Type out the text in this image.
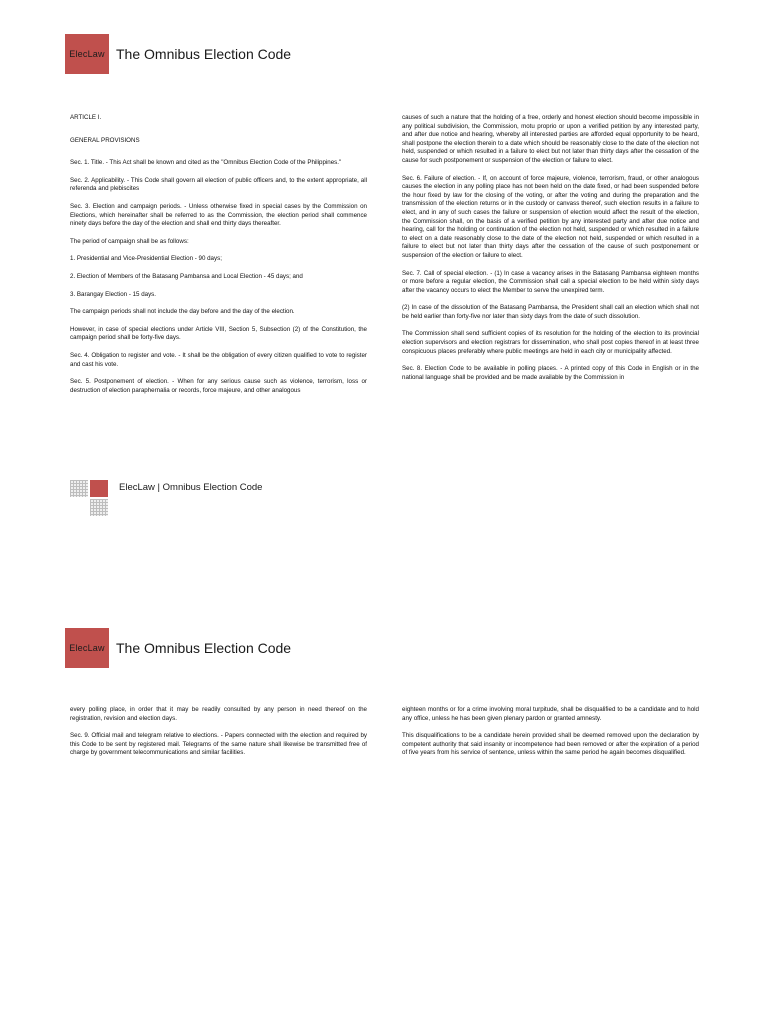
ElecLaw The Omnibus Election Code

ARTICLE I.

GENERAL PROVISIONS

Sec. 1. Title. - This Act shall be known and cited as the "Omnibus Election Code of the Philippines."

Sec. 2. Applicability. - This Code shall govern all election of public officers and, to the extent appropriate, all referenda and plebiscites

Sec. 3. Election and campaign periods. - Unless otherwise fixed in special cases by the Commission on Elections, which hereinafter shall be referred to as the Commission, the election period shall commence ninety days before the day of the election and shall end thirty days thereafter.

The period of campaign shall be as follows:

1. Presidential and Vice-Presidential Election - 90 days;

2. Election of Members of the Batasang Pambansa and Local Election - 45 days; and

3. Barangay Election - 15 days.

The campaign periods shall not include the day before and the day of the election.

However, in case of special elections under Article VIII, Section 5, Subsection (2) of the Constitution, the campaign period shall be forty-five days.

Sec. 4. Obligation to register and vote. - It shall be the obligation of every citizen qualified to vote to register and cast his vote.

Sec. 5. Postponement of election. - When for any serious cause such as violence, terrorism, loss or destruction of election paraphernalia or records, force majeure, and other analogous

causes of such a nature that the holding of a free, orderly and honest election should become impossible in any political subdivision, the Commission, motu proprio or upon a verified petition by any interested party, and after due notice and hearing, whereby all interested parties are afforded equal opportunity to be heard, shall postpone the election therein to a date which should be reasonably close to the date of the election not held, suspended or which resulted in a failure to elect but not later than thirty days after the cessation of the cause for such postponement or suspension of the election or failure to elect.

Sec. 6. Failure of election. - If, on account of force majeure, violence, terrorism, fraud, or other analogous causes the election in any polling place has not been held on the date fixed, or had been suspended before the hour fixed by law for the closing of the voting, or after the voting and during the preparation and the transmission of the election returns or in the custody or canvass thereof, such election results in a failure to elect, and in any of such cases the failure or suspension of election would affect the result of the election, the Commission shall, on the basis of a verified petition by any interested party and after due notice and hearing, call for the holding or continuation of the election not held, suspended or which resulted in a failure to elect on a date reasonably close to the date of the election not held, suspended or which resulted in a failure to elect but not later than thirty days after the cessation of the cause of such postponement or suspension of the election or failure to elect.

Sec. 7. Call of special election. - (1) In case a vacancy arises in the Batasang Pambansa eighteen months or more before a regular election, the Commission shall call a special election to be held within sixty days after the vacancy occurs to elect the Member to serve the unexpired term.

(2) In case of the dissolution of the Batasang Pambansa, the President shall call an election which shall not be held earlier than forty-five nor later than sixty days from the date of such dissolution.

The Commission shall send sufficient copies of its resolution for the holding of the election to its provincial election supervisors and election registrars for dissemination, who shall post copies thereof in at least three conspicuous places preferably where public meetings are held in each city or municipality affected.

Sec. 8. Election Code to be available in polling places. - A printed copy of this Code in English or in the national language shall be provided and be made available by the Commission in

ElecLaw | Omnibus Election Code
ElecLaw The Omnibus Election Code

every polling place, in order that it may be readily consulted by any person in need thereof on the registration, revision and election days.

Sec. 9. Official mail and telegram relative to elections. - Papers connected with the election and required by this Code to be sent by registered mail. Telegrams of the same nature shall likewise be transmitted free of charge by government telecommunications and similar facilities.

eighteen months or for a crime involving moral turpitude, shall be disqualified to be a candidate and to hold any office, unless he has been given plenary pardon or granted amnesty.

This disqualifications to be a candidate herein provided shall be deemed removed upon the declaration by competent authority that said insanity or incompetence had been removed or after the expiration of a period of five years from his service of sentence, unless within the same period he again becomes disqualified.
